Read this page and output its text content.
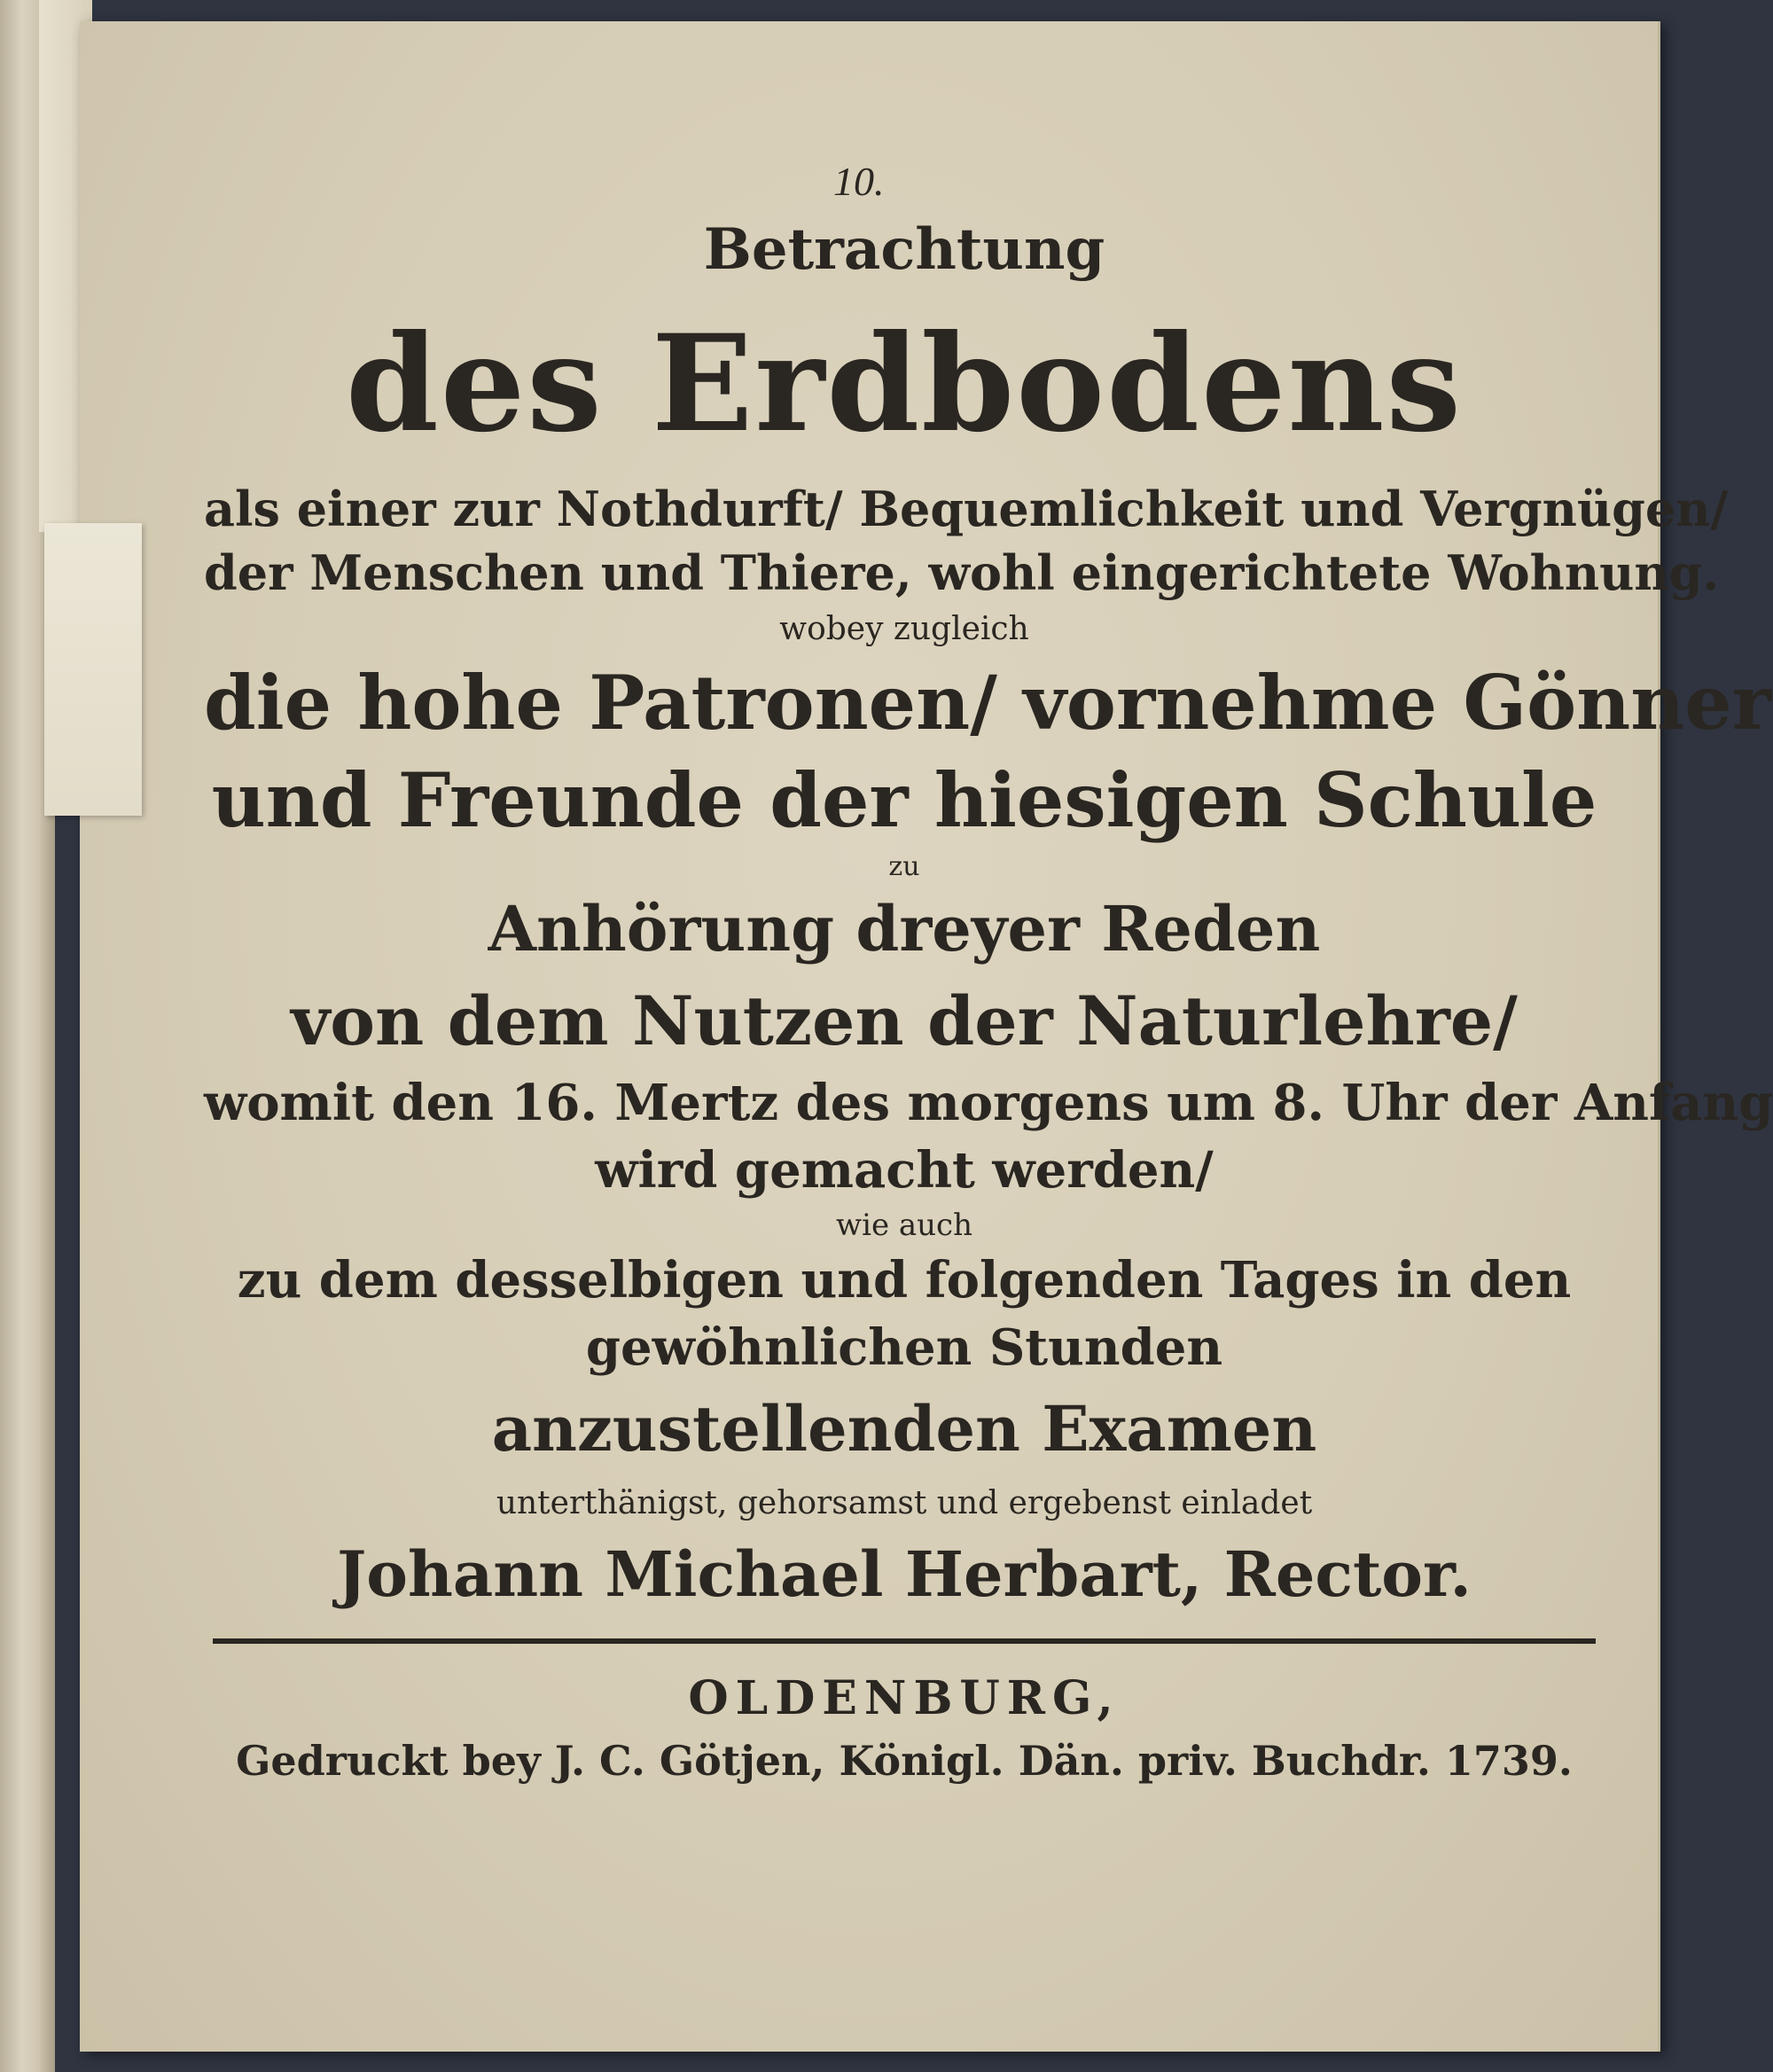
10.
Betrachtung
des Erdbodens
als einer zur Nothdurft/ Bequemlichkeit und Vergnügen/
der Menschen und Thiere, wohl eingerichtete Wohnung.
wobey zugleich
die hohe Patronen/ vornehme Gönner
und Freunde der hiesigen Schule
zu
Anhörung dreyer Reden
von dem Nutzen der Naturlehre/
womit den 16. Mertz des morgens um 8. Uhr der Anfang
wird gemacht werden/
wie auch
zu dem desselbigen und folgenden Tages in den
gewöhnlichen Stunden
anzustellenden Examen
unterthänigst, gehorsamst und ergebenst einladet
Johann Michael Herbart, Rector.
OLDENBURG,
Gedruckt bey J. C. Götjen, Königl. Dän. priv. Buchdr. 1739.
